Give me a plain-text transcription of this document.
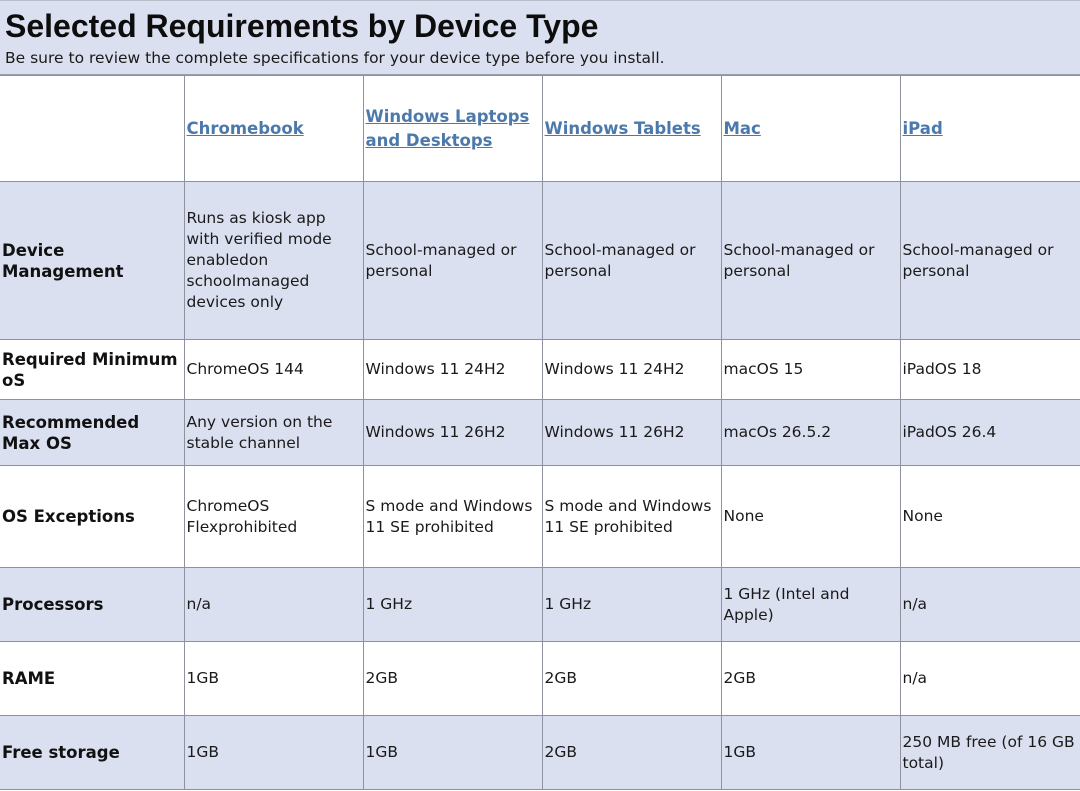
Selected Requirements by Device Type
Be sure to review the complete specifications for your device type before you install.
	Chromebook	Windows Laptops and Desktops	Windows Tablets	Mac	iPad
Device Management	Runs as kiosk app with verified mode enabledon schoolmanaged devices only	School-managed or personal	School-managed or personal	School-managed or personal	School-managed or personal
Required Minimum oS	ChromeOS 144	Windows 11 24H2	Windows 11 24H2	macOS 15	iPadOS 18
Recommended Max OS	Any version on the stable channel	Windows 11 26H2	Windows 11 26H2	macOs 26.5.2	iPadOS 26.4
OS Exceptions	ChromeOS Flexprohibited	S mode and Windows 11 SE prohibited	S mode and Windows 11 SE prohibited	None	None
Processors	n/a	1 GHz	1 GHz	1 GHz (Intel and Apple)	n/a
RAME	1GB	2GB	2GB	2GB	n/a
Free storage	1GB	1GB	2GB	1GB	250 MB free (of 16 GB total)
